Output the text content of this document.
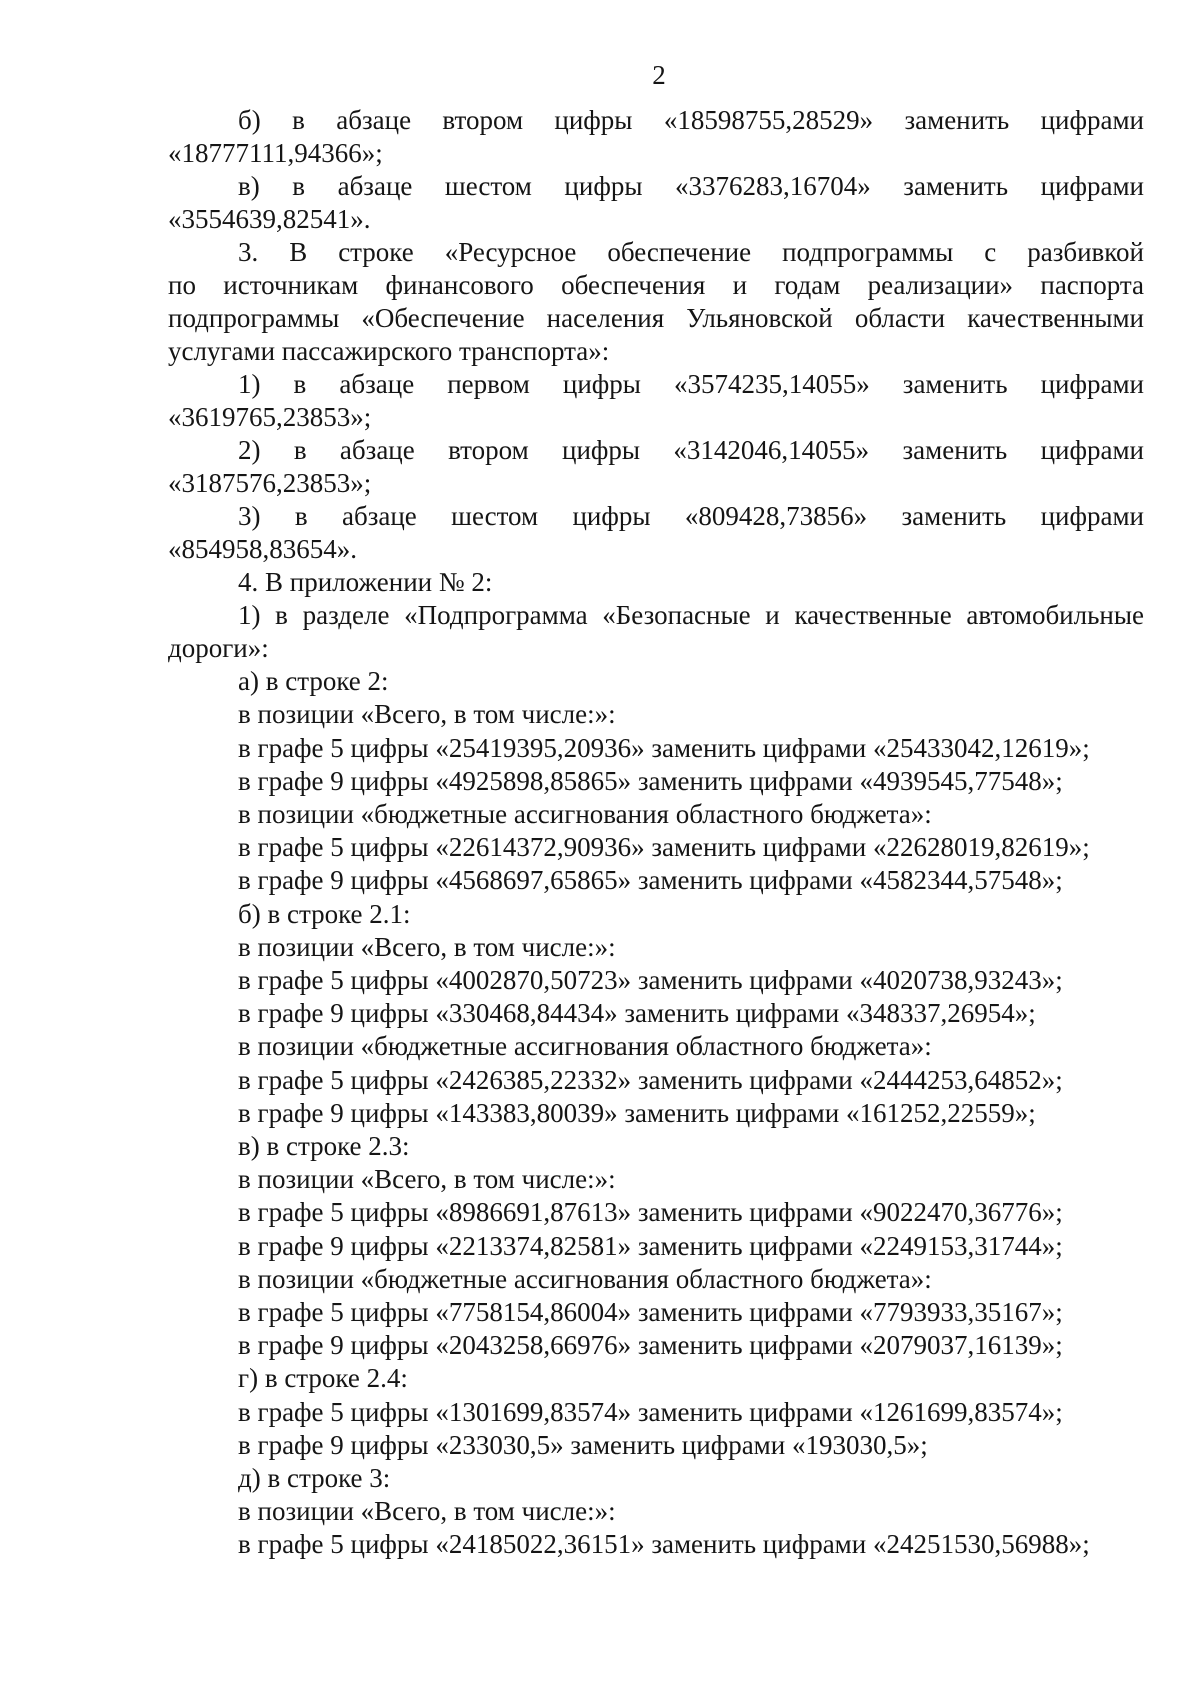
2

б) в абзаце втором цифры «18598755,28529» заменить цифрами

«18777111,94366»;

в) в абзаце шестом цифры «3376283,16704» заменить цифрами

«3554639,82541».

3. В строке «Ресурсное обеспечение подпрограммы с разбивкой

по источникам финансового обеспечения и годам реализации» паспорта

подпрограммы «Обеспечение населения Ульяновской области качественными

услугами пассажирского транспорта»:

1) в абзаце первом цифры «3574235,14055» заменить цифрами

«3619765,23853»;

2) в абзаце втором цифры «3142046,14055» заменить цифрами

«3187576,23853»;

3) в абзаце шестом цифры «809428,73856» заменить цифрами

«854958,83654».

4. В приложении № 2:

1) в разделе «Подпрограмма «Безопасные и качественные автомобильные

дороги»:

а) в строке 2:

в позиции «Всего, в том числе:»:

в графе 5 цифры «25419395,20936» заменить цифрами «25433042,12619»;

в графе 9 цифры «4925898,85865» заменить цифрами «4939545,77548»;

в позиции «бюджетные ассигнования областного бюджета»:

в графе 5 цифры «22614372,90936» заменить цифрами «22628019,82619»;

в графе 9 цифры «4568697,65865» заменить цифрами «4582344,57548»;

б) в строке 2.1:

в позиции «Всего, в том числе:»:

в графе 5 цифры «4002870,50723» заменить цифрами «4020738,93243»;

в графе 9 цифры «330468,84434» заменить цифрами «348337,26954»;

в позиции «бюджетные ассигнования областного бюджета»:

в графе 5 цифры «2426385,22332» заменить цифрами «2444253,64852»;

в графе 9 цифры «143383,80039» заменить цифрами «161252,22559»;

в) в строке 2.3:

в позиции «Всего, в том числе:»:

в графе 5 цифры «8986691,87613» заменить цифрами «9022470,36776»;

в графе 9 цифры «2213374,82581» заменить цифрами «2249153,31744»;

в позиции «бюджетные ассигнования областного бюджета»:

в графе 5 цифры «7758154,86004» заменить цифрами «7793933,35167»;

в графе 9 цифры «2043258,66976» заменить цифрами «2079037,16139»;

г) в строке 2.4:

в графе 5 цифры «1301699,83574» заменить цифрами «1261699,83574»;

в графе 9 цифры «233030,5» заменить цифрами «193030,5»;

д) в строке 3:

в позиции «Всего, в том числе:»:

в графе 5 цифры «24185022,36151» заменить цифрами «24251530,56988»;
